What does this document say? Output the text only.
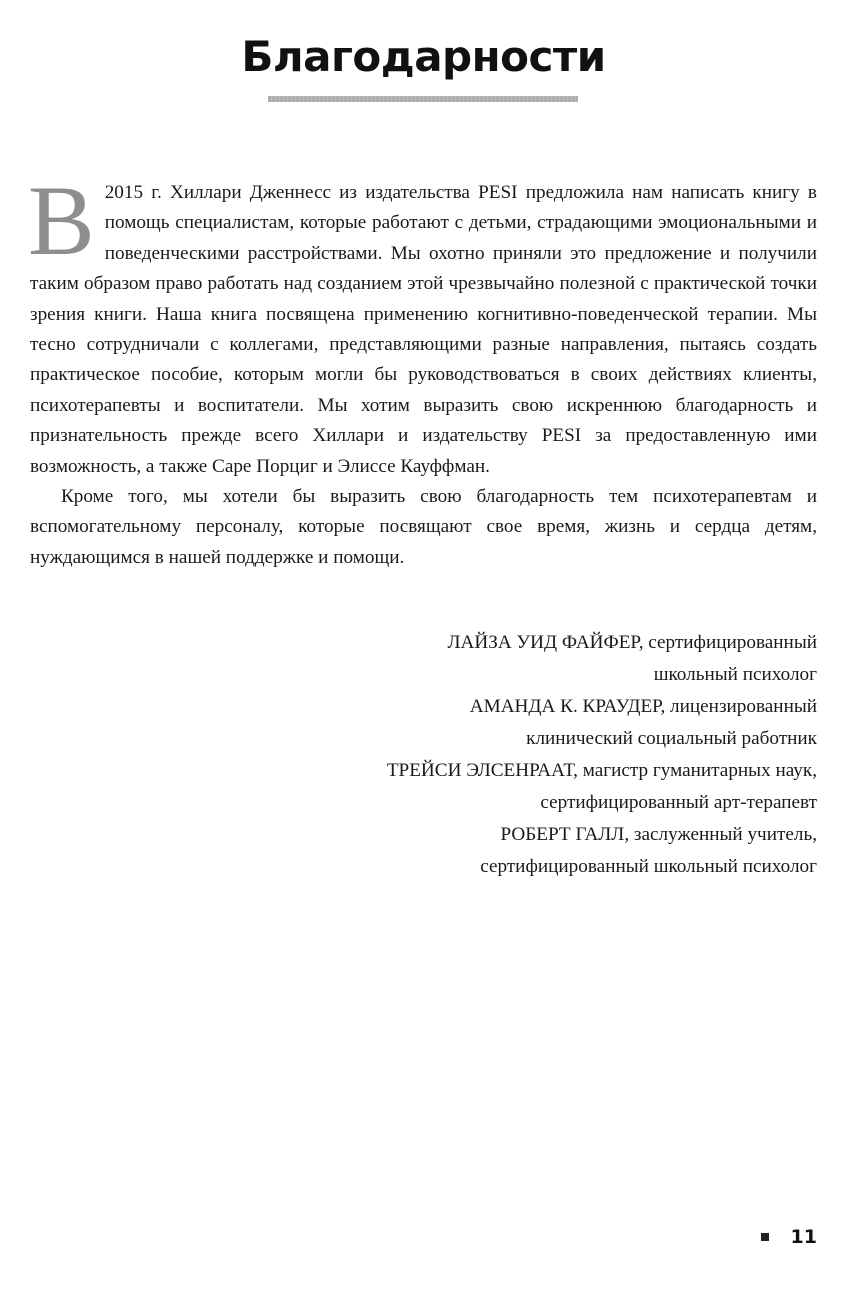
Благодарности

В 2015 г. Хиллари Дженнесс из издательства PESI предложила нам написать книгу в помощь специалистам, которые работают с детьми, страдающими эмоциональными и поведенческими расстройствами. Мы охотно приняли это предложение и получили таким образом право работать над созданием этой чрезвычайно полезной с практической точки зрения книги. Наша книга посвящена применению когнитивно-поведенческой терапии. Мы тесно сотрудничали с коллегами, представляющими разные направления, пытаясь создать практическое пособие, которым могли бы руководствоваться в своих действиях клиенты, психотерапевты и воспитатели. Мы хотим выразить свою искреннюю благодарность и признательность прежде всего Хиллари и издательству PESI за предоставленную ими возможность, а также Саре Порциг и Элиссе Кауффман.

Кроме того, мы хотели бы выразить свою благодарность тем психотерапевтам и вспомогательному персоналу, которые посвящают свое время, жизнь и сердца детям, нуждающимся в нашей поддержке и помощи.

ЛАЙЗА УИД ФАЙФЕР, сертифицированный
школьный психолог
АМАНДА К. КРАУДЕР, лицензированный
клинический социальный работник
ТРЕЙСИ ЭЛСЕНРААТ, магистр гуманитарных наук,
сертифицированный арт-терапевт
РОБЕРТ ГАЛЛ, заслуженный учитель,
сертифицированный школьный психолог
11
